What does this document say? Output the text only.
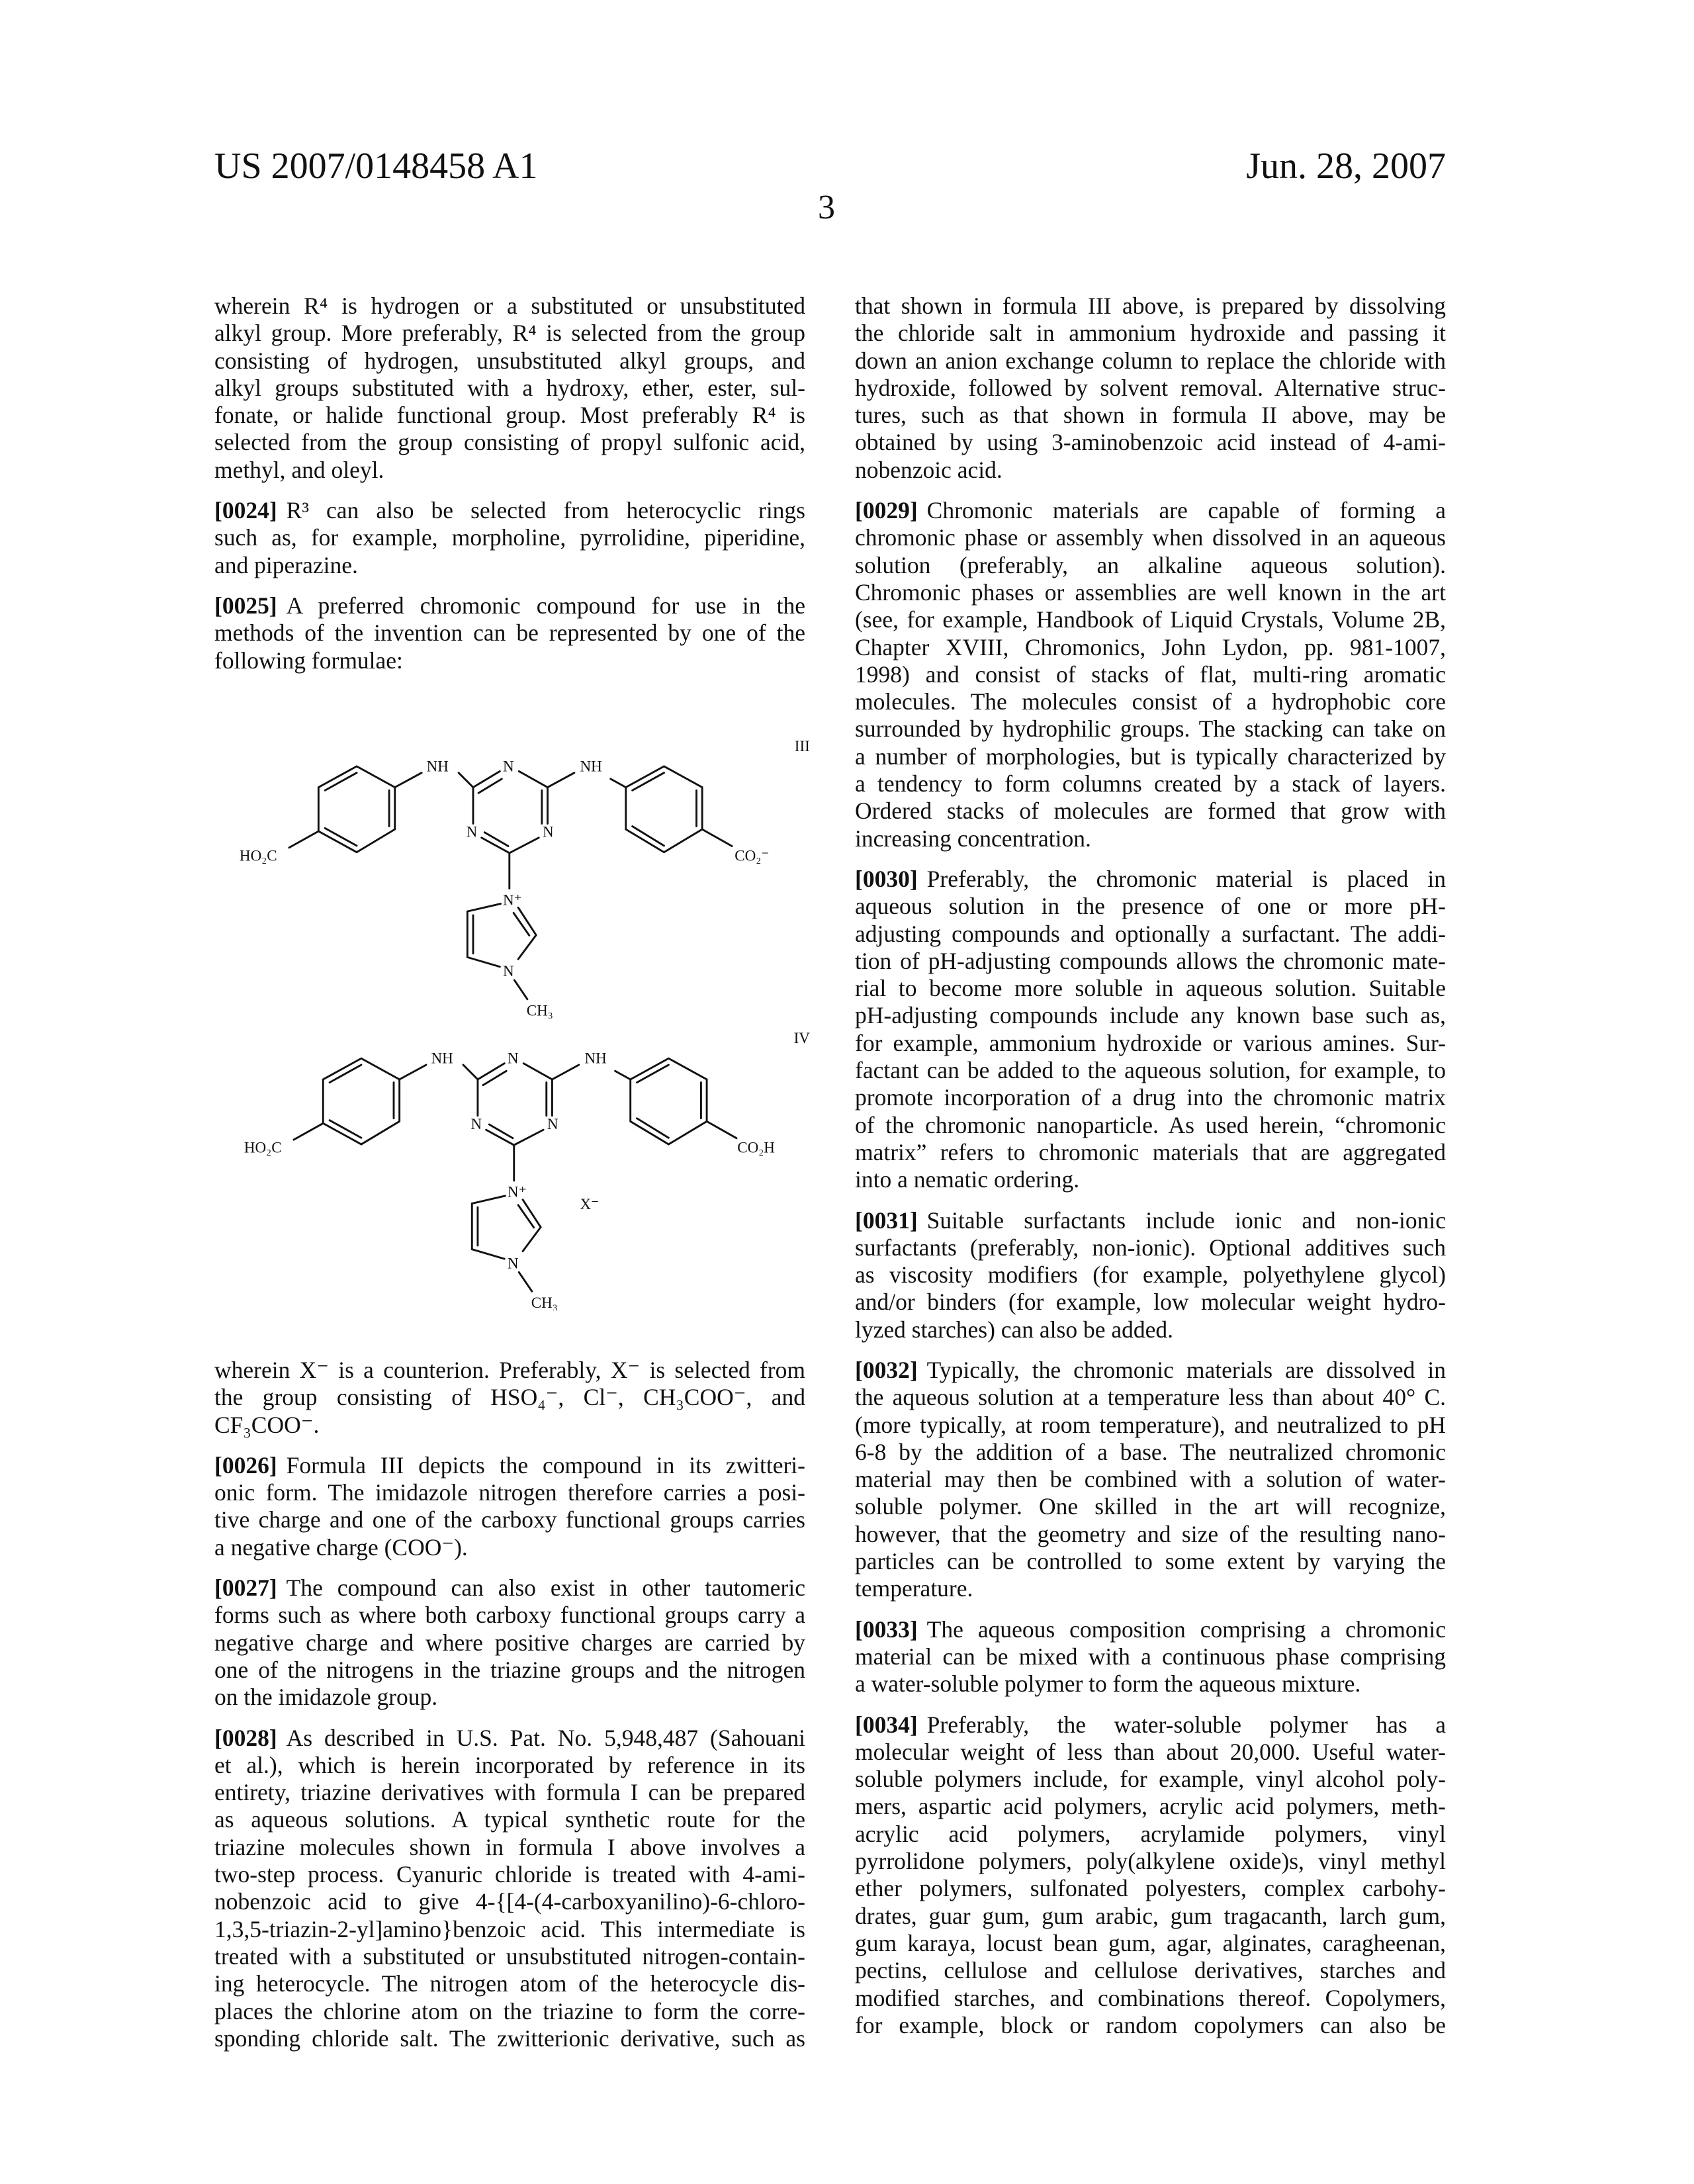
US 2007/0148458 A1	Jun. 28, 2007
3
wherein R⁴ is hydrogen or a substituted or unsubstituted
alkyl group. More preferably, R⁴ is selected from the group
consisting of hydrogen, unsubstituted alkyl groups, and
alkyl groups substituted with a hydroxy, ether, ester, sul-
fonate, or halide functional group. Most preferably R⁴ is
selected from the group consisting of propyl sulfonic acid,
methyl, and oleyl.
[0024] R³ can also be selected from heterocyclic rings
such as, for example, morpholine, pyrrolidine, piperidine,
and piperazine.
[0025] A preferred chromonic compound for use in the
methods of the invention can be represented by one of the
following formulae:
III
NH N NH
N N
HO₂C	CO₂⁻
N⁺
N
CH₃
IV
NH N NH
N N
HO₂C	CO₂H
N⁺
X⁻
N
CH₃
wherein X⁻ is a counterion. Preferably, X⁻ is selected from
the group consisting of HSO₄⁻, Cl⁻, CH₃COO⁻, and
CF₃COO⁻.
[0026] Formula III depicts the compound in its zwitteri-
onic form. The imidazole nitrogen therefore carries a posi-
tive charge and one of the carboxy functional groups carries
a negative charge (COO⁻).
[0027] The compound can also exist in other tautomeric
forms such as where both carboxy functional groups carry a
negative charge and where positive charges are carried by
one of the nitrogens in the triazine groups and the nitrogen
on the imidazole group.
[0028] As described in U.S. Pat. No. 5,948,487 (Sahouani
et al.), which is herein incorporated by reference in its
entirety, triazine derivatives with formula I can be prepared
as aqueous solutions. A typical synthetic route for the
triazine molecules shown in formula I above involves a
two-step process. Cyanuric chloride is treated with 4-ami-
nobenzoic acid to give 4-{[4-(4-carboxyanilino)-6-chloro-
1,3,5-triazin-2-yl]amino}benzoic acid. This intermediate is
treated with a substituted or unsubstituted nitrogen-contain-
ing heterocycle. The nitrogen atom of the heterocycle dis-
places the chlorine atom on the triazine to form the corre-
sponding chloride salt. The zwitterionic derivative, such as
that shown in formula III above, is prepared by dissolving
the chloride salt in ammonium hydroxide and passing it
down an anion exchange column to replace the chloride with
hydroxide, followed by solvent removal. Alternative struc-
tures, such as that shown in formula II above, may be
obtained by using 3-aminobenzoic acid instead of 4-ami-
nobenzoic acid.
[0029] Chromonic materials are capable of forming a
chromonic phase or assembly when dissolved in an aqueous
solution (preferably, an alkaline aqueous solution).
Chromonic phases or assemblies are well known in the art
(see, for example, Handbook of Liquid Crystals, Volume 2B,
Chapter XVIII, Chromonics, John Lydon, pp. 981-1007,
1998) and consist of stacks of flat, multi-ring aromatic
molecules. The molecules consist of a hydrophobic core
surrounded by hydrophilic groups. The stacking can take on
a number of morphologies, but is typically characterized by
a tendency to form columns created by a stack of layers.
Ordered stacks of molecules are formed that grow with
increasing concentration.
[0030] Preferably, the chromonic material is placed in
aqueous solution in the presence of one or more pH-
adjusting compounds and optionally a surfactant. The addi-
tion of pH-adjusting compounds allows the chromonic mate-
rial to become more soluble in aqueous solution. Suitable
pH-adjusting compounds include any known base such as,
for example, ammonium hydroxide or various amines. Sur-
factant can be added to the aqueous solution, for example, to
promote incorporation of a drug into the chromonic matrix
of the chromonic nanoparticle. As used herein, “chromonic
matrix” refers to chromonic materials that are aggregated
into a nematic ordering.
[0031] Suitable surfactants include ionic and non-ionic
surfactants (preferably, non-ionic). Optional additives such
as viscosity modifiers (for example, polyethylene glycol)
and/or binders (for example, low molecular weight hydro-
lyzed starches) can also be added.
[0032] Typically, the chromonic materials are dissolved in
the aqueous solution at a temperature less than about 40° C.
(more typically, at room temperature), and neutralized to pH
6-8 by the addition of a base. The neutralized chromonic
material may then be combined with a solution of water-
soluble polymer. One skilled in the art will recognize,
however, that the geometry and size of the resulting nano-
particles can be controlled to some extent by varying the
temperature.
[0033] The aqueous composition comprising a chromonic
material can be mixed with a continuous phase comprising
a water-soluble polymer to form the aqueous mixture.
[0034] Preferably, the water-soluble polymer has a
molecular weight of less than about 20,000. Useful water-
soluble polymers include, for example, vinyl alcohol poly-
mers, aspartic acid polymers, acrylic acid polymers, meth-
acrylic acid polymers, acrylamide polymers, vinyl
pyrrolidone polymers, poly(alkylene oxide)s, vinyl methyl
ether polymers, sulfonated polyesters, complex carbohy-
drates, guar gum, gum arabic, gum tragacanth, larch gum,
gum karaya, locust bean gum, agar, alginates, caragheenan,
pectins, cellulose and cellulose derivatives, starches and
modified starches, and combinations thereof. Copolymers,
for example, block or random copolymers can also be
